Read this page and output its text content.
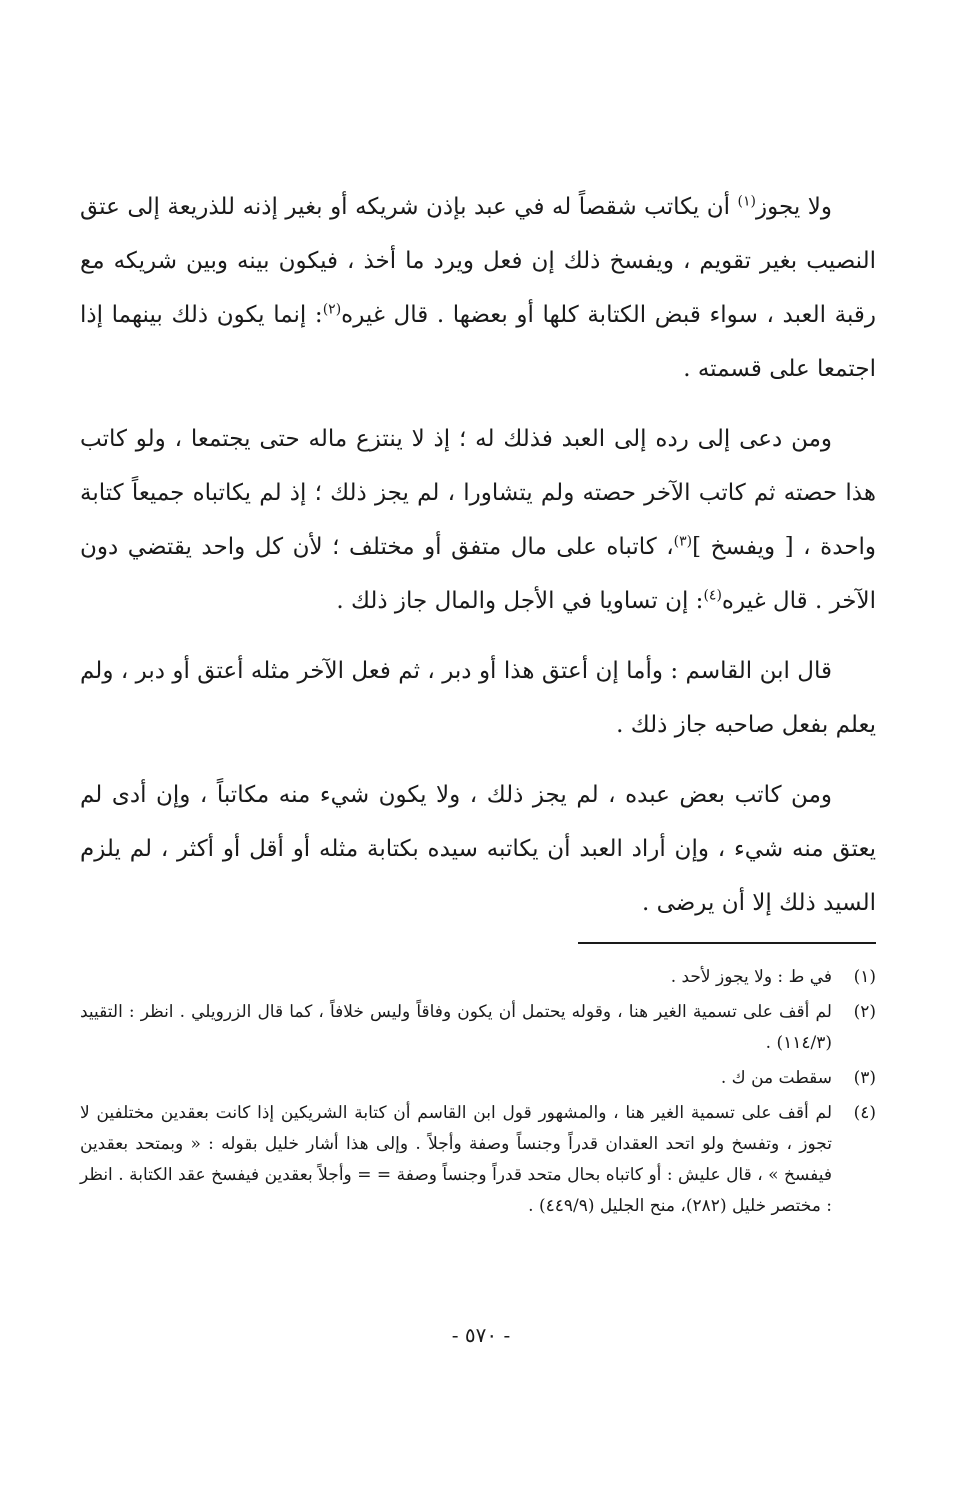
ولا يجوز$^{(١)}$ أن يكاتب شقصاً له في عبد بإذن شريكه أو بغير إذنه للذريعة إلى عتق النصيب بغير تقويم ، ويفسخ ذلك إن فعل ويرد ما أخذ ، فيكون بينه وبين شريكه مع رقبة العبد ، سواء قبض الكتابة كلها أو بعضها . قال غيره$^{(٢)}$: إنما يكون ذلك بينهما إذا اجتمعا على قسمته .

ومن دعى إلى رده إلى العبد فذلك له ؛ إذ لا ينتزع ماله حتى يجتمعا ، ولو كاتب هذا حصته ثم كاتب الآخر حصته ولم يتشاورا ، لم يجز ذلك ؛ إذ لم يكاتباه جميعاً كتابة واحدة ، [ ويفسخ ]$^{(٣)}$، كاتباه على مال متفق أو مختلف ؛ لأن كل واحد يقتضي دون الآخر . قال غيره$^{(٤)}$: إن تساويا في الأجل والمال جاز ذلك .

قال ابن القاسم : وأما إن أعتق هذا أو دبر ، ثم فعل الآخر مثله أعتق أو دبر ، ولم يعلم بفعل صاحبه جاز ذلك .

ومن كاتب بعض عبده ، لم يجز ذلك ، ولا يكون شيء منه مكاتباً ، وإن أدى لم يعتق منه شيء ، وإن أراد العبد أن يكاتبه سيده بكتابة مثله أو أقل أو أكثر ، لم يلزم السيد ذلك إلا أن يرضى .

(١)
في ط : ولا يجوز لأحد .
(٢)
لم أقف على تسمية الغير هنا ، وقوله يحتمل أن يكون وفاقاً وليس خلافاً ، كما قال الزرويلي . انظر : التقييد (١١٤/٣) .
(٣)
سقطت من ك .
(٤)
لم أقف على تسمية الغير هنا ، والمشهور قول ابن القاسم أن كتابة الشريكين إذا كانت بعقدين مختلفين لا تجوز ، وتفسخ ولو اتحد العقدان قدراً وجنساً وصفة وأجلاً . وإلى هذا أشار خليل بقوله : « وبمتحد بعقدين فيفسخ » ، قال عليش : أو كاتباه بحال متحد قدراً وجنساً وصفة = = وأجلاً بعقدين فيفسخ عقد الكتابة . انظر : مختصر خليل (٢٨٢)، منح الجليل (٤٤٩/٩) .
- ٥٧٠ -
